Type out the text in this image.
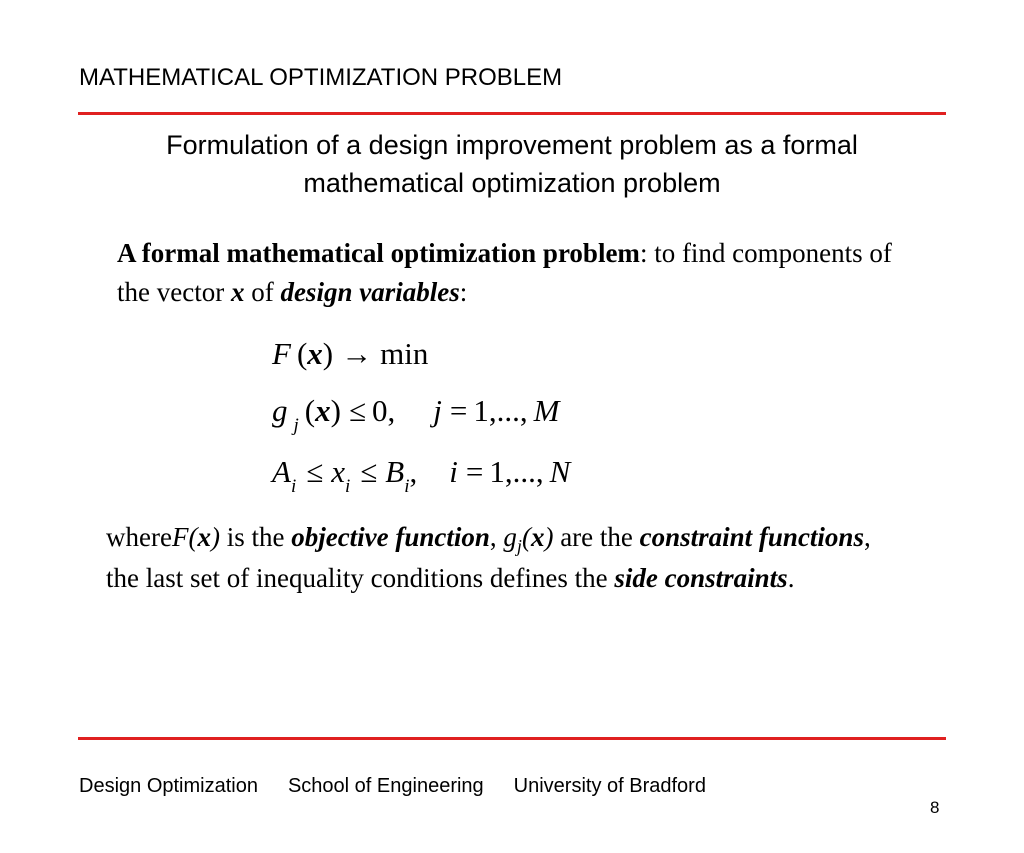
MATHEMATICAL OPTIMIZATION PROBLEM
Formulation of a design improvement problem as a formal
mathematical optimization problem
A formal mathematical optimization problem: to find components of the vector x of design variables:
F (x) → min
g $_j$ (x) ≤ 0, j = 1,..., M
$A_i \le x_i \le B_i$, i = 1,..., N
whereF(x) is the objective function, $g_j(x)$ are the constraint functions, the last set of inequality conditions defines the side constraints.
Design Optimization School of Engineering University of Bradford
8
